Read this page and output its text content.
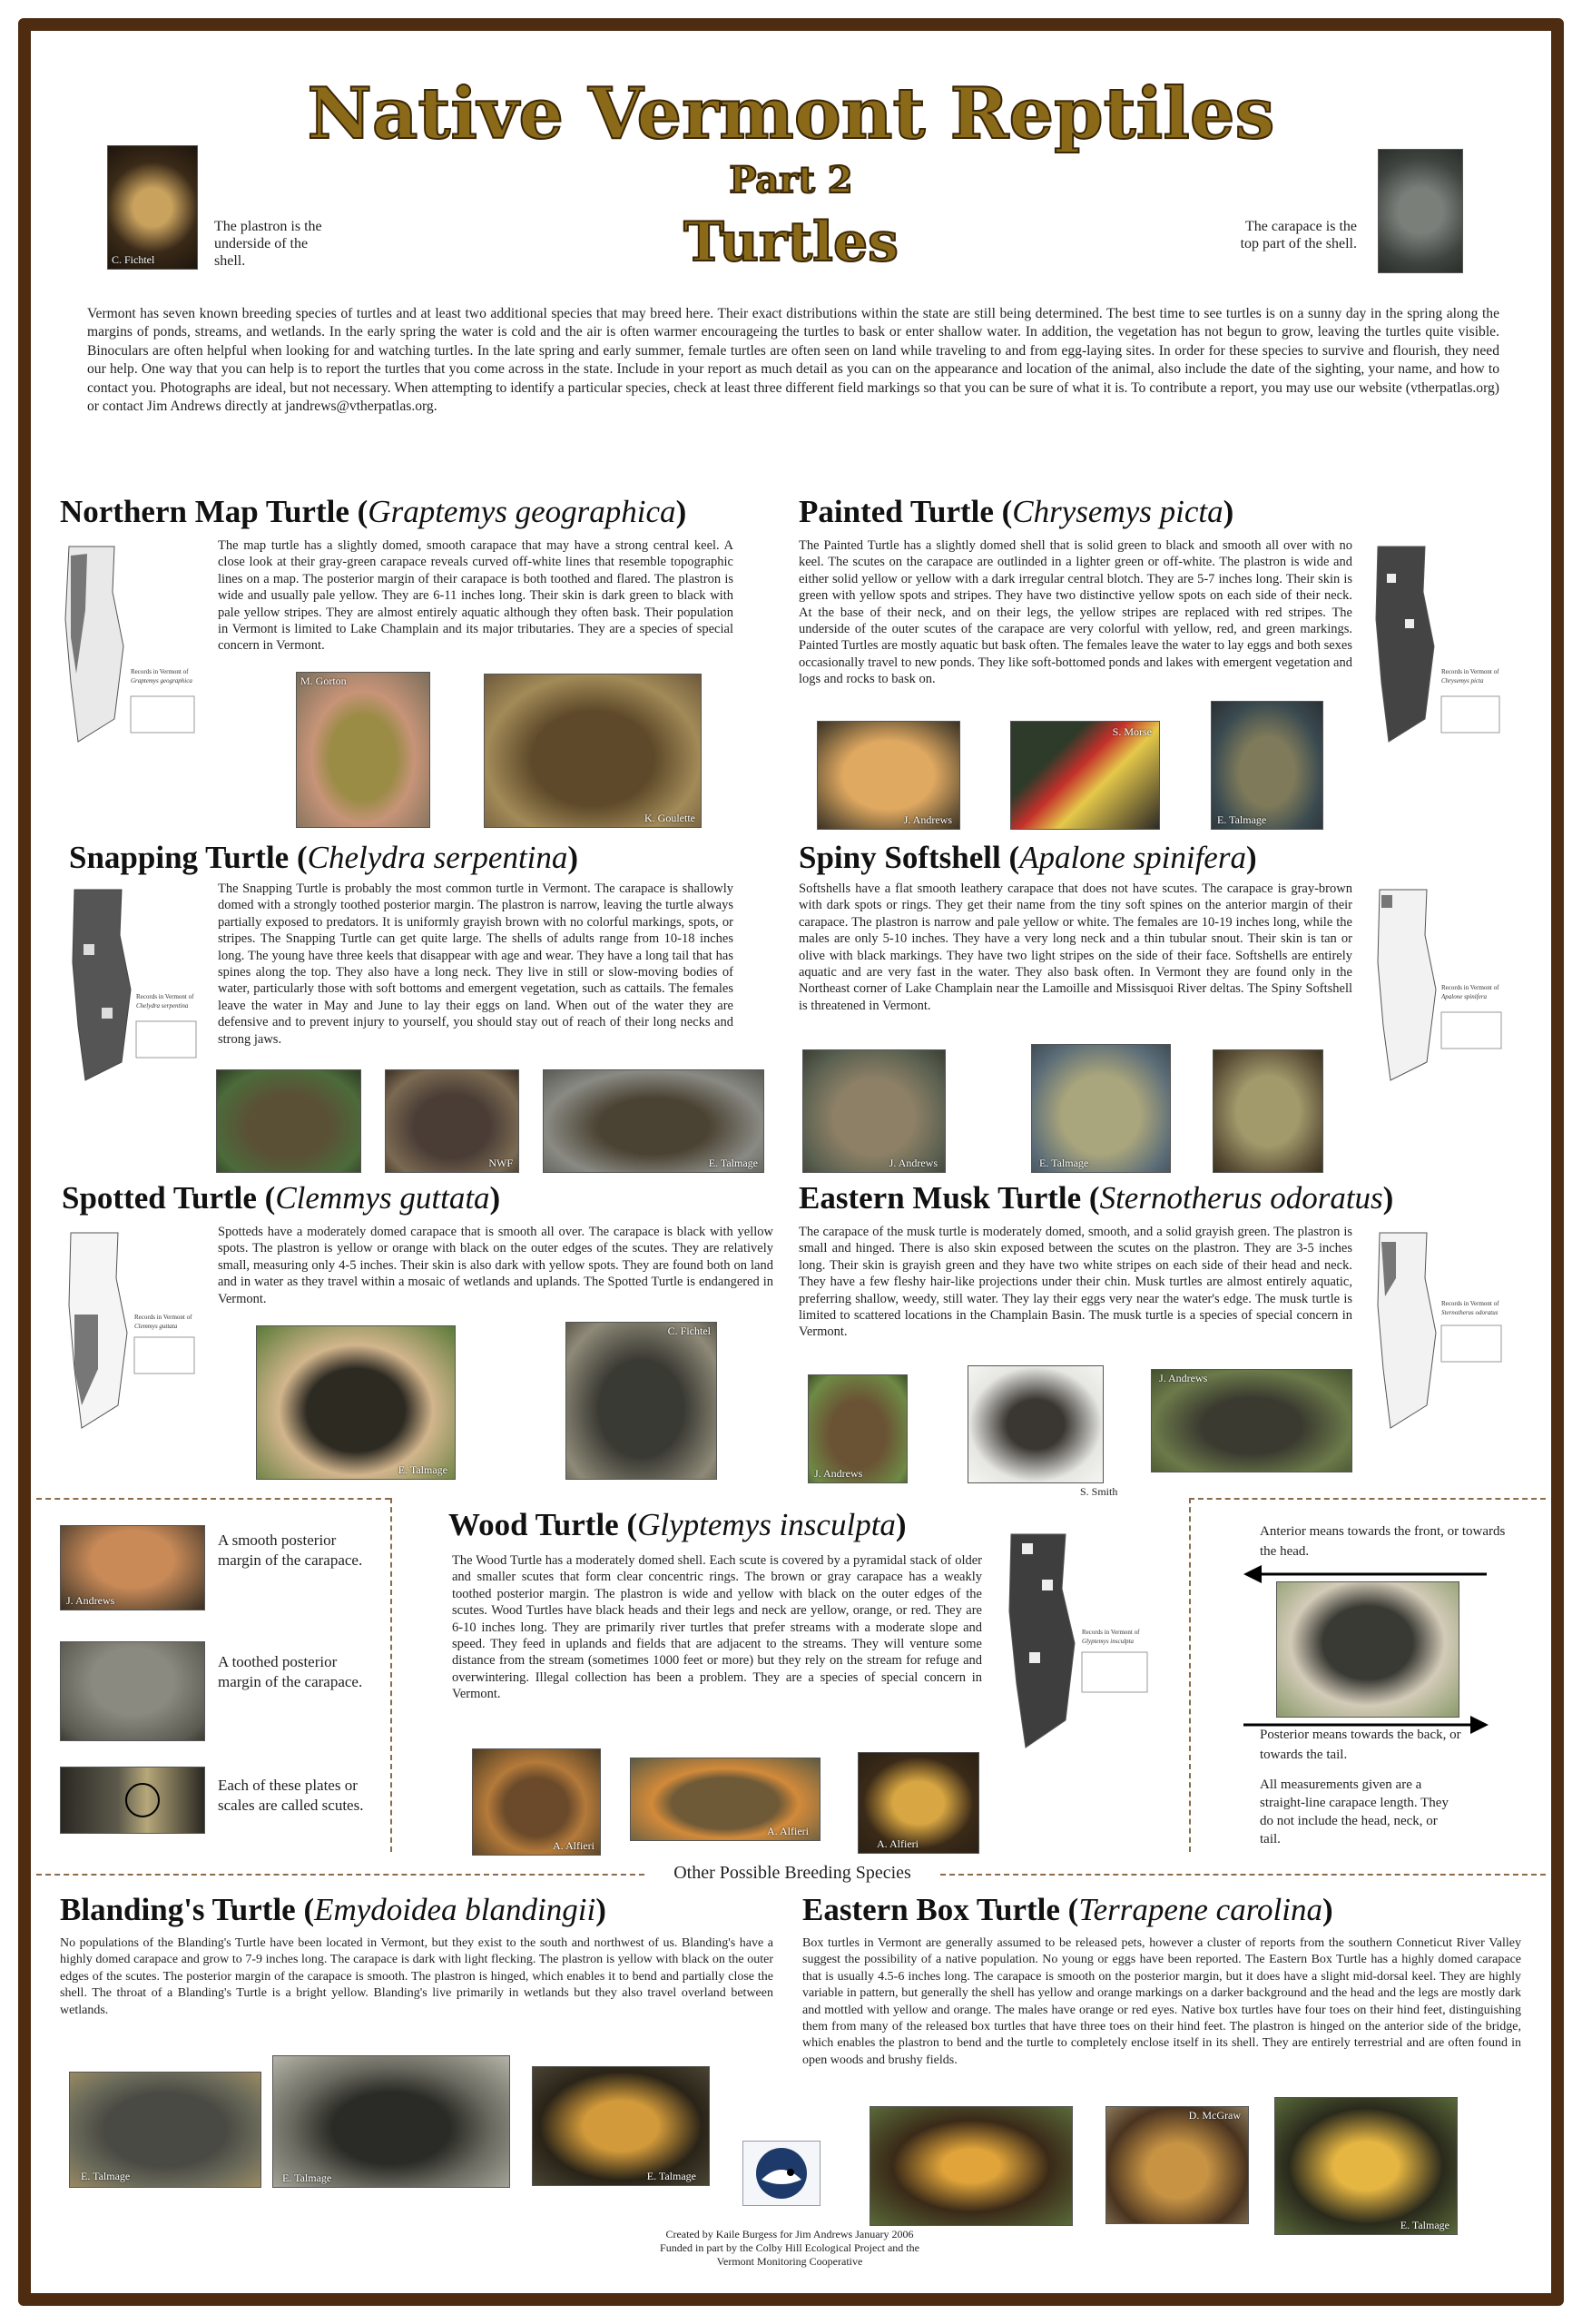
Native Vermont Reptiles
Part 2
Turtles
C. Fichtel
The plastron is the underside of the shell.
The carapace is the top part of the shell.
Vermont has seven known breeding species of turtles and at least two additional species that may breed here. Their exact distributions within the state are still being determined. The best time to see turtles is on a sunny day in the spring along the margins of ponds, streams, and wetlands. In the early spring the water is cold and the air is often warmer encourageing the turtles to bask or enter shallow water. In addition, the vegetation has not begun to grow, leaving the turtles quite visible. Binoculars are often helpful when looking for and watching turtles. In the late spring and early summer, female turtles are often seen on land while traveling to and from egg-laying sites. In order for these species to survive and flourish, they need our help. One way that you can help is to report the turtles that you come across in the state. Include in your report as much detail as you can on the appearance and location of the animal, also include the date of the sighting, your name, and how to contact you. Photographs are ideal, but not necessary. When attempting to identify a particular species, check at least three different field markings so that you can be sure of what it is. To contribute a report, you may use our website (vtherpatlas.org) or contact Jim Andrews directly at jandrews@vtherpatlas.org.
Northern Map Turtle (Graptemys geographica)
Records in Vermont of
Graptemys geographica
The map turtle has a slightly domed, smooth carapace that may have a strong central keel. A close look at their gray-green carapace reveals curved off-white lines that resemble topographic lines on a map. The posterior margin of their carapace is both toothed and flared. The plastron is wide and usually pale yellow. They are 6-11 inches long. Their skin is dark green to black with pale yellow stripes. They are almost entirely aquatic although they often bask. Their population in Vermont is limited to Lake Champlain and its major tributaries. They are a species of special concern in Vermont.
M. Gorton
K. Goulette
Painted Turtle (Chrysemys picta)
The Painted Turtle has a slightly domed shell that is solid green to black and smooth all over with no keel. The scutes on the carapace are outlinded in a lighter green or off-white. The plastron is wide and either solid yellow or yellow with a dark irregular central blotch. They are 5-7 inches long. Their skin is green with yellow spots and stripes. They have two distinctive yellow spots on each side of their neck. At the base of their neck, and on their legs, the yellow stripes are replaced with red stripes. The underside of the outer scutes of the carapace are very colorful with yellow, red, and green markings. Painted Turtles are mostly aquatic but bask often. The females leave the water to lay eggs and both sexes occasionally travel to new ponds. They like soft-bottomed ponds and lakes with emergent vegetation and logs and rocks to bask on.
Records in Vermont of
Chrysemys picta
J. Andrews
S. Morse
E. Talmage
Snapping Turtle (Chelydra serpentina)
Records in Vermont of
Chelydra serpentina
The Snapping Turtle is probably the most common turtle in Vermont. The carapace is shallowly domed with a strongly toothed posterior margin. The plastron is narrow, leaving the turtle always partially exposed to predators. It is uniformly grayish brown with no colorful markings, spots, or stripes. The Snapping Turtle can get quite large. The shells of adults range from 10-18 inches long. The young have three keels that disappear with age and wear. They have a long tail that has spines along the top. They also have a long neck. They live in still or slow-moving bodies of water, particularly those with soft bottoms and emergent vegetation, such as cattails. The females leave the water in May and June to lay their eggs on land. When out of the water they are defensive and to prevent injury to yourself, you should stay out of reach of their long necks and strong jaws.
NWF	E. Talmage
Spiny Softshell (Apalone spinifera)
Softshells have a flat smooth leathery carapace that does not have scutes. The carapace is gray-brown with dark spots or rings. They get their name from the tiny soft spines on the anterior margin of their carapace. The plastron is narrow and pale yellow or white. The females are 10-19 inches long, while the males are only 5-10 inches. They have a very long neck and a thin tubular snout. Their skin is tan or olive with black markings. They have two light stripes on the side of their face. Softshells are entirely aquatic and are very fast in the water. They also bask often. In Vermont they are found only in the Northeast corner of Lake Champlain near the Lamoille and Missisquoi River deltas. The Spiny Softshell is threatened in Vermont.
Records in Vermont of
Apalone spinifera
J. Andrews	E. Talmage
Spotted Turtle (Clemmys guttata)
Records in Vermont of
Clemmys guttata
Spotteds have a moderately domed carapace that is smooth all over. The carapace is black with yellow spots. The plastron is yellow or orange with black on the outer edges of the scutes. They are relatively small, measuring only 4-5 inches. Their skin is also dark with yellow spots. They are found both on land and in water as they travel within a mosaic of wetlands and uplands. The Spotted Turtle is endangered in Vermont.
E. Talmage
C. Fichtel
Eastern Musk Turtle (Sternotherus odoratus)
The carapace of the musk turtle is moderately domed, smooth, and a solid grayish green. The plastron is small and hinged. There is also skin exposed between the scutes on the plastron. They are 3-5 inches long. Their skin is grayish green and they have two white stripes on each side of their head and neck. They have a few fleshy hair-like projections under their chin. Musk turtles are almost entirely aquatic, preferring shallow, weedy, still water. They lay their eggs very near the water's edge. The musk turtle is limited to scattered locations in the Champlain Basin. The musk turtle is a species of special concern in Vermont.
Records in Vermont of
Sternotherus odoratus
J. Andrews
S. Smith
J. Andrews
J. Andrews
A smooth posterior margin of the carapace.
A toothed posterior margin of the carapace.
Each of these plates or scales are called scutes.
Wood Turtle (Glyptemys insculpta)
The Wood Turtle has a moderately domed shell. Each scute is covered by a pyramidal stack of older and smaller scutes that form clear concentric rings. The brown or gray carapace has a weakly toothed posterior margin. The plastron is wide and yellow with black on the outer edges of the scutes. Wood Turtles have black heads and their legs and neck are yellow, orange, or red. They are 6-10 inches long. They are primarily river turtles that prefer streams with a moderate slope and speed. They feed in uplands and fields that are adjacent to the streams. They will venture some distance from the stream (sometimes 1000 feet or more) but they rely on the stream for refuge and overwintering. Illegal collection has been a problem. They are a species of special concern in Vermont.
Records in Vermont of
Glyptemys insculpta
A. Alfieri
A. Alfieri
A. Alfieri
Anterior means towards the front, or towards the head.
Posterior means towards the back, or towards the tail.
All measurements given are a straight-line carapace length. They do not include the head, neck, or tail.
Other Possible Breeding Species
Blanding's Turtle (Emydoidea blandingii)
No populations of the Blanding's Turtle have been located in Vermont, but they exist to the south and northwest of us. Blanding's have a highly domed carapace and grow to 7-9 inches long. The carapace is dark with light flecking. The plastron is yellow with black on the outer edges of the scutes. The posterior margin of the carapace is smooth. The plastron is hinged, which enables it to bend and partially close the shell. The throat of a Blanding's Turtle is a bright yellow. Blanding's live primarily in wetlands but they also travel overland between wetlands.
E. Talmage	E. Talmage	E. Talmage
Eastern Box Turtle (Terrapene carolina)
Box turtles in Vermont are generally assumed to be released pets, however a cluster of reports from the southern Conneticut River Valley suggest the possibility of a native population. No young or eggs have been reported. The Eastern Box Turtle has a highly domed carapace that is usually 4.5-6 inches long. The carapace is smooth on the posterior margin, but it does have a slight mid-dorsal keel. They are highly variable in pattern, but generally the shell has yellow and orange markings on a darker background and the head and the legs are mostly dark and mottled with yellow and orange. The males have orange or red eyes. Native box turtles have four toes on their hind feet, distinguishing them from many of the released box turtles that have three toes on their hind feet. The plastron is hinged on the anterior side of the bridge, which enables the plastron to bend and the turtle to completely enclose itself in its shell. They are entirely terrestrial and are often found in open woods and brushy fields.
D. McGraw
E. Talmage
Created by Kaile Burgess for Jim Andrews January 2006
Funded in part by the Colby Hill Ecological Project and the
Vermont Monitoring Cooperative
